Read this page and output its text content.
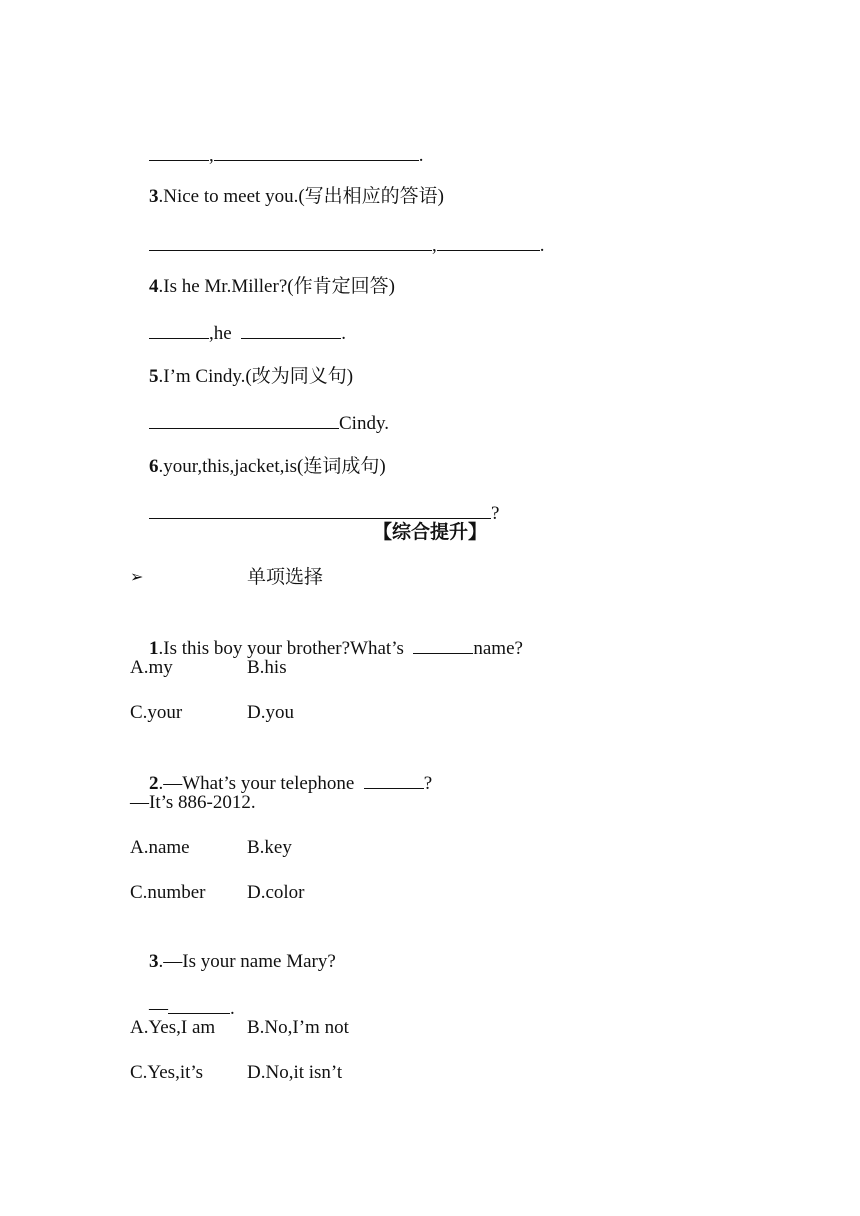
,	.

3.Nice to meet you.(写出相应的答语)

,	.

4.Is he Mr.Miller?(作肯定回答)

,he	.

5.I’m Cindy.(改为同义句)

Cindy.

6.your,this,jacket,is(连词成句)

?

【综合提升】
➢	单项选择

1.Is this boy your brother?What’s	name?

A.my	B.his
C.your	D.you

2.—What’s your telephone	?

—It’s 886-2012.
A.name	B.key
C.number D.color

3.—Is your name Mary?

—	.

A.Yes,I am B.No,I’m not
C.Yes,it’s D.No,it isn’t
